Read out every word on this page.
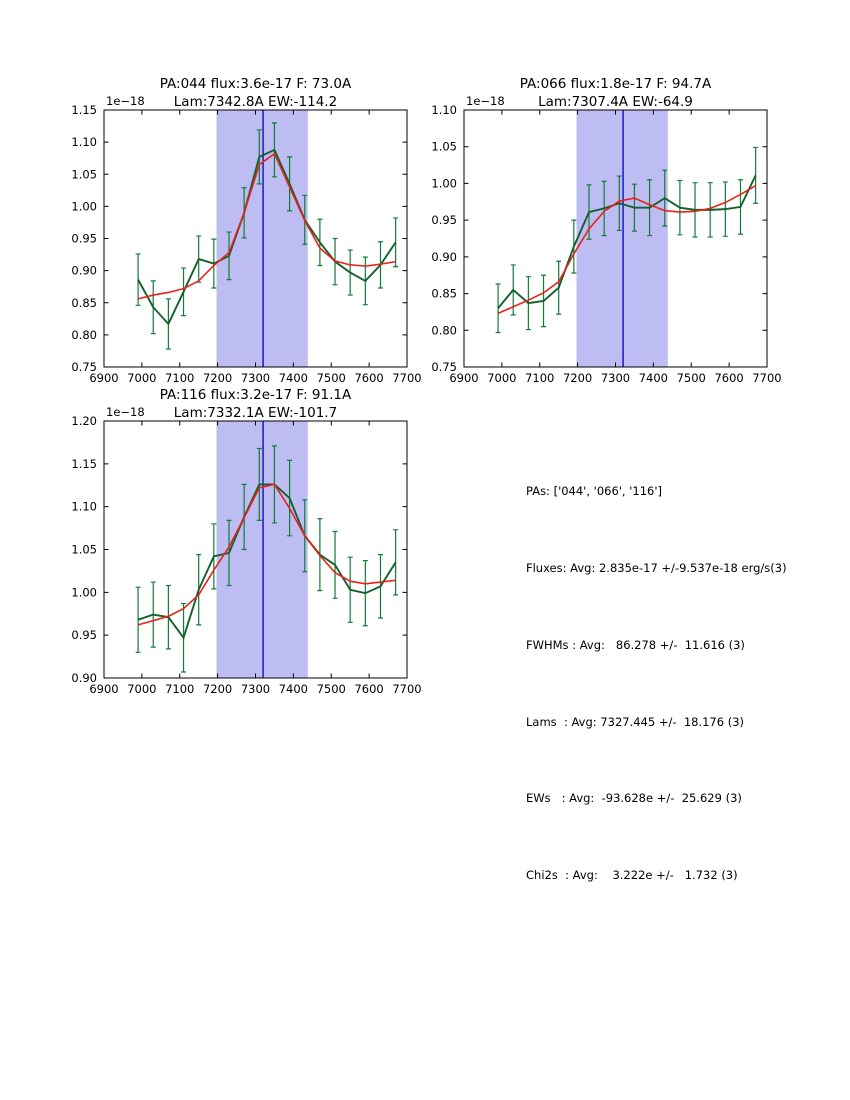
6900 7000 7100 7200 7300 7400 7500 7600 7700
0.75
0.80
0.85
0.90
0.95
1.00
1.05
1.10
1.15
PA:044 flux:3.6e-17 F: 73.0A
Lam:7342.8A EW:-114.2
1e−18
6900 7000 7100 7200 7300 7400 7500 7600 7700
0.75
0.80
0.85
0.90
0.95
1.00
1.05
1.10
PA:066 flux:1.8e-17 F: 94.7A
Lam:7307.4A EW:-64.9
1e−18
6900 7000 7100 7200 7300 7400 7500 7600 7700
0.90
0.95
1.00
1.05
1.10
1.15
1.20
PA:116 flux:3.2e-17 F: 91.1A
Lam:7332.1A EW:-101.7
1e−18

PAs: ['044', '066', '116']

Fluxes: Avg: 2.835e-17 +/-9.537e-18 erg/s(3)

FWHMs : Avg:   86.278 +/-  11.616 (3)

Lams  : Avg: 7327.445 +/-  18.176 (3)

EWs   : Avg:  -93.628e +/-  25.629 (3)

Chi2s  : Avg:    3.222e +/-   1.732 (3)
